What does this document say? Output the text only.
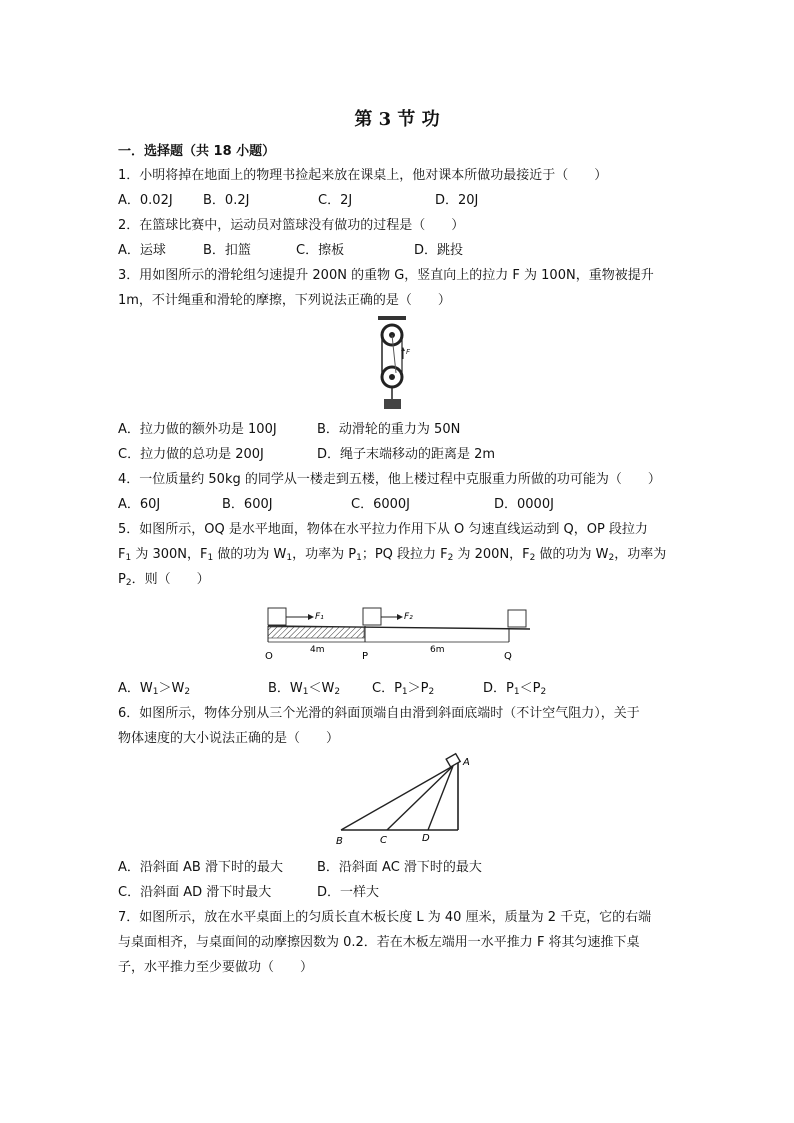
第 3 节 功
一．选择题（共 18 小题）
1．小明将掉在地面上的物理书捡起来放在课桌上，他对课本所做功最接近于（　　）
A．0.02J B．0.2J	C．2J	D．20J
2．在篮球比赛中，运动员对篮球没有做功的过程是（　　）
A．运球	B．扣篮	C．擦板	D．跳投
3．用如图所示的滑轮组匀速提升 200N 的重物 G，竖直向上的拉力 F 为 100N，重物被提升
1m，不计绳重和滑轮的摩擦，下列说法正确的是（　　）
F
A．拉力做的额外功是 100J	B．动滑轮的重力为 50N
C．拉力做的总功是 200J	D．绳子末端移动的距离是 2m
4．一位质量约 50kg 的同学从一楼走到五楼，他上楼过程中克服重力所做的功可能为（　　）
A．60J	B．600J	C．6000J	D．0000J
5．如图所示，OQ 是水平地面，物体在水平拉力作用下从 O 匀速直线运动到 Q，OP 段拉力
$F_1$ 为 300N，$F_1$ 做的功为 $W_1$，功率为 $P_1$；PQ 段拉力 $F_2$ 为 200N，$F_2$ 做的功为 $W_2$，功率为
$P_2$．则（　　）
F₁	F₂
4m	6m
O	P	Q
A．$W_1>W_2$	B．$W_1<W_2$ C．$P_1>P_2$	D．$P_1<P_2$
6．如图所示，物体分别从三个光滑的斜面顶端自由滑到斜面底端时（不计空气阻力），关于
物体速度的大小说法正确的是（　　）
A
B	C	D
A．沿斜面 AB 滑下时的最大	B．沿斜面 AC 滑下时的最大
C．沿斜面 AD 滑下时最大	D．一样大
7．如图所示，放在水平桌面上的匀质长直木板长度 L 为 40 厘米，质量为 2 千克，它的右端
与桌面相齐，与桌面间的动摩擦因数为 0.2．若在木板左端用一水平推力 F 将其匀速推下桌
子，水平推力至少要做功（　　）
